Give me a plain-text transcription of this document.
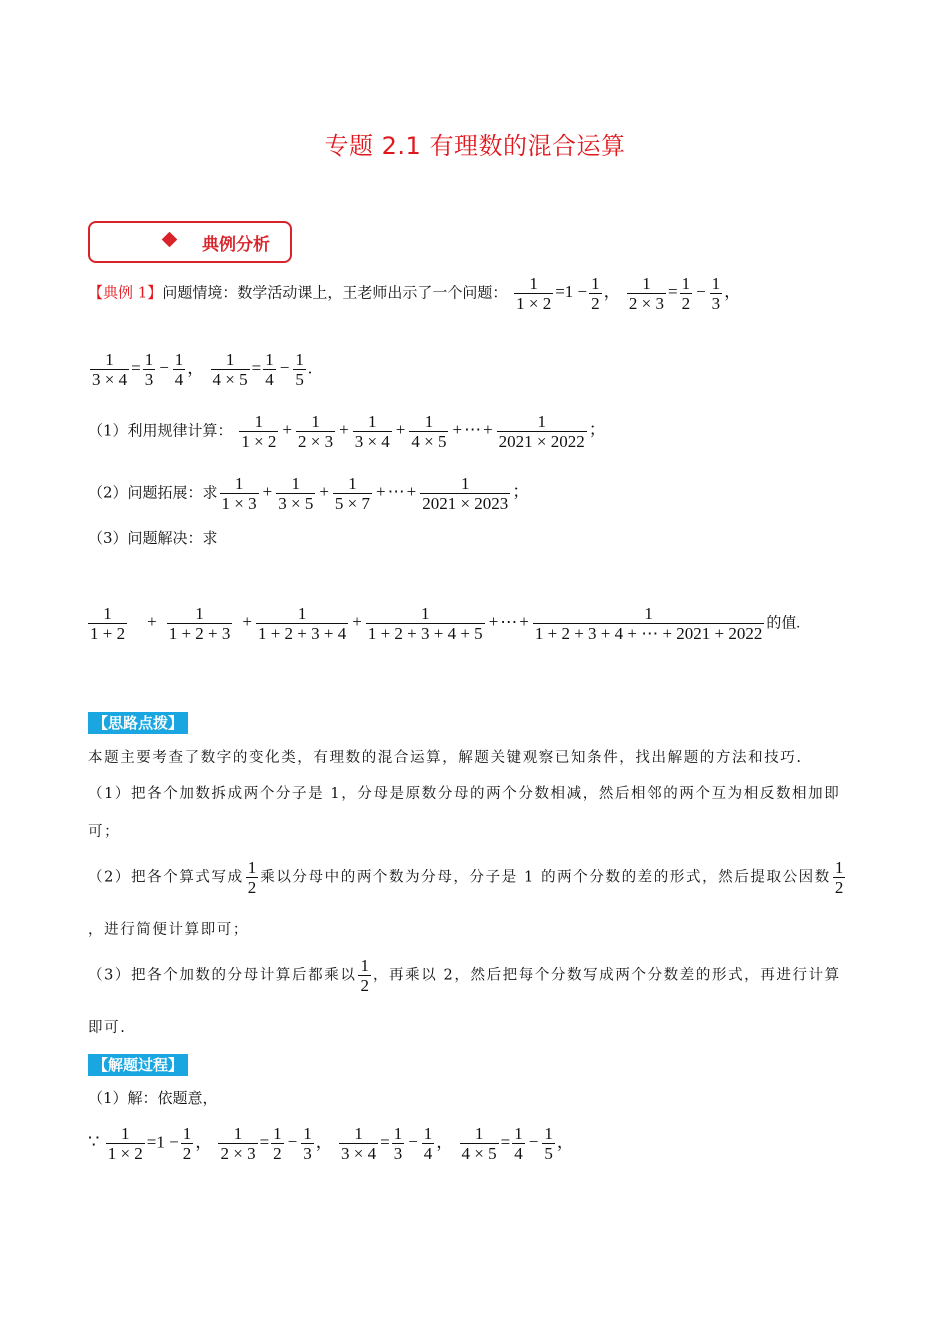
专题 2.1 有理数的混合运算
典例分析
【典例 1】问题情境：数学活动课上，王老师出示了一个问题： $\frac{1}{1 \times 2} =1 - \frac{1}{2}$ ， $\frac{1}{2 \times 3} = \frac{1}{2} - \frac{1}{3}$ ，
$\frac{1}{3 \times 4} = \frac{1}{3} - \frac{1}{4}$ ， $\frac{1}{4 \times 5} = \frac{1}{4} - \frac{1}{5}$ .
（1）利用规律计算： $\frac{1}{1 \times 2} + \frac{1}{2 \times 3} + \frac{1}{3 \times 4} + \frac{1}{4 \times 5}$ + ⋯ + $\frac{1}{2021 \times 2022}$ ；
（2）问题拓展：求 $\frac{1}{1 \times 3} + \frac{1}{3 \times 5} + \frac{1}{5 \times 7}$ + ⋯ + $\frac{1}{2021 \times 2023}$ ；
（3）问题解决：求
$\frac{1}{1 + 2} + \frac{1}{1 + 2 + 3} + \frac{1}{1 + 2 + 3 + 4} + \frac{1}{1 + 2 + 3 + 4 + 5}$ + ⋯ + $\frac{1}{1 + 2 + 3 + 4 + \cdots + 2021 + 2022}$ 的值.
【思路点拨】
本题主要考查了数字的变化类，有理数的混合运算，解题关键观察已知条件，找出解题的方法和技巧.
（1）把各个加数拆成两个分子是 1，分母是原数分母的两个分数相减，然后相邻的两个互为相反数相加即
可；
（2）把各个算式写成 $\frac{1}{2}$ 乘以分母中的两个数为分母，分子是 1 的两个分数的差的形式，然后提取公因数 $\frac{1}{2}$
，进行简便计算即可；
（3）把各个加数的分母计算后都乘以 $\frac{1}{2}$ ，再乘以 2，然后把每个分数写成两个分数差的形式，再进行计算
即可.
【解题过程】
（1）解：依题意，
∵ $\frac{1}{1 \times 2} =1 - \frac{1}{2}$ ， $\frac{1}{2 \times 3} = \frac{1}{2} - \frac{1}{3}$ ， $\frac{1}{3 \times 4} = \frac{1}{3} - \frac{1}{4}$ ， $\frac{1}{4 \times 5} = \frac{1}{4} - \frac{1}{5}$ ，
